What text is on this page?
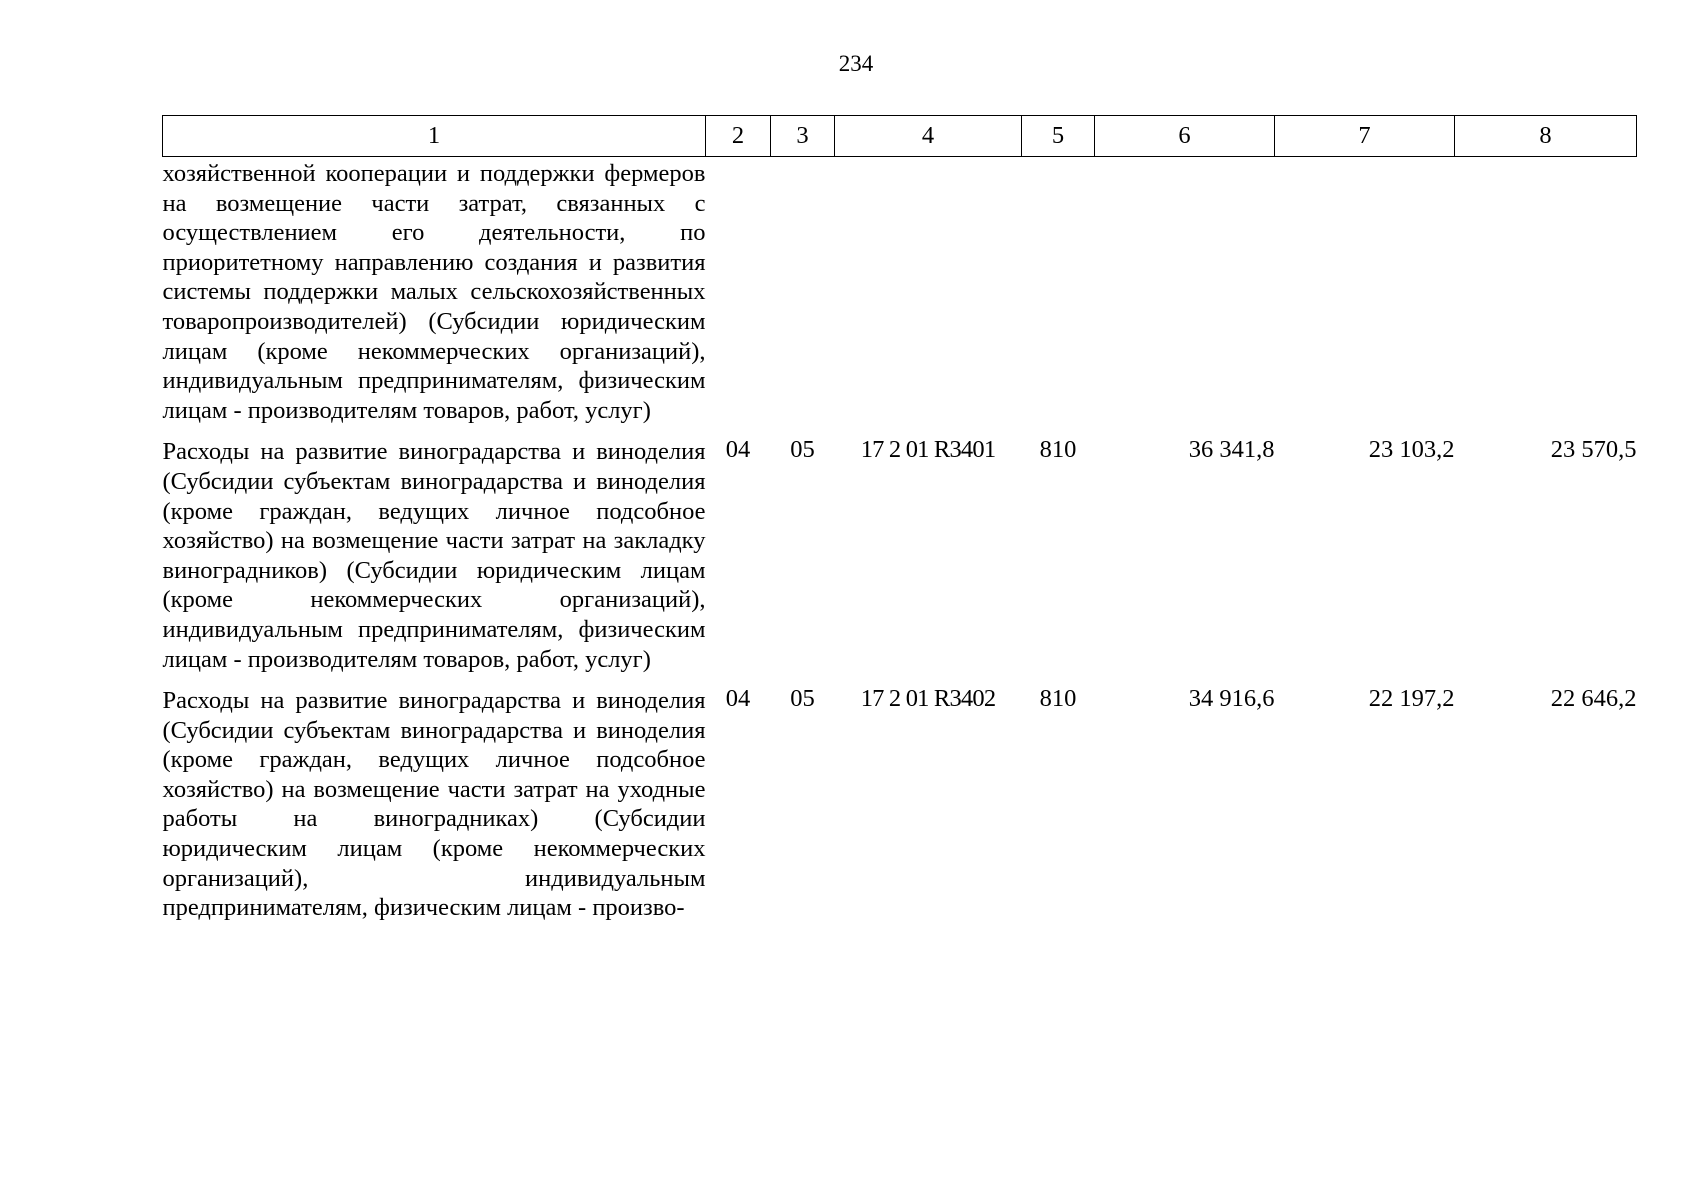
234
1	2	3	4	5	6	7	8
хозяйственной кооперации и поддержки фермеров на возмещение части затрат, связанных с осуществлением его деятельности, по приоритетному направлению создания и развития системы поддержки малых сельскохозяйственных товаропроизводителей) (Субсидии юридическим лицам (кроме некоммерческих организаций), индивидуальным предпринимателям, физическим лицам - производителям товаров, работ, услуг)							
Расходы на развитие виноградарства и виноделия (Субсидии субъектам виноградарства и виноделия (кроме граждан, ведущих личное подсобное хозяйство) на возмещение части затрат на закладку виноградников) (Субсидии юридическим лицам (кроме некоммерческих организаций), индивидуальным предпринимателям, физическим лицам - производителям товаров, работ, услуг)	04	05	17 2 01 R3401	810	36 341,8	23 103,2	23 570,5
Расходы на развитие виноградарства и виноделия (Субсидии субъектам виноградарства и виноделия (кроме граждан, ведущих личное подсобное хозяйство) на возмещение части затрат на уходные работы на виноградниках) (Субсидии юридическим лицам (кроме некоммерческих организаций), индивидуальным предпринимателям, физическим лицам - произво-	04	05	17 2 01 R3402	810	34 916,6	22 197,2	22 646,2
